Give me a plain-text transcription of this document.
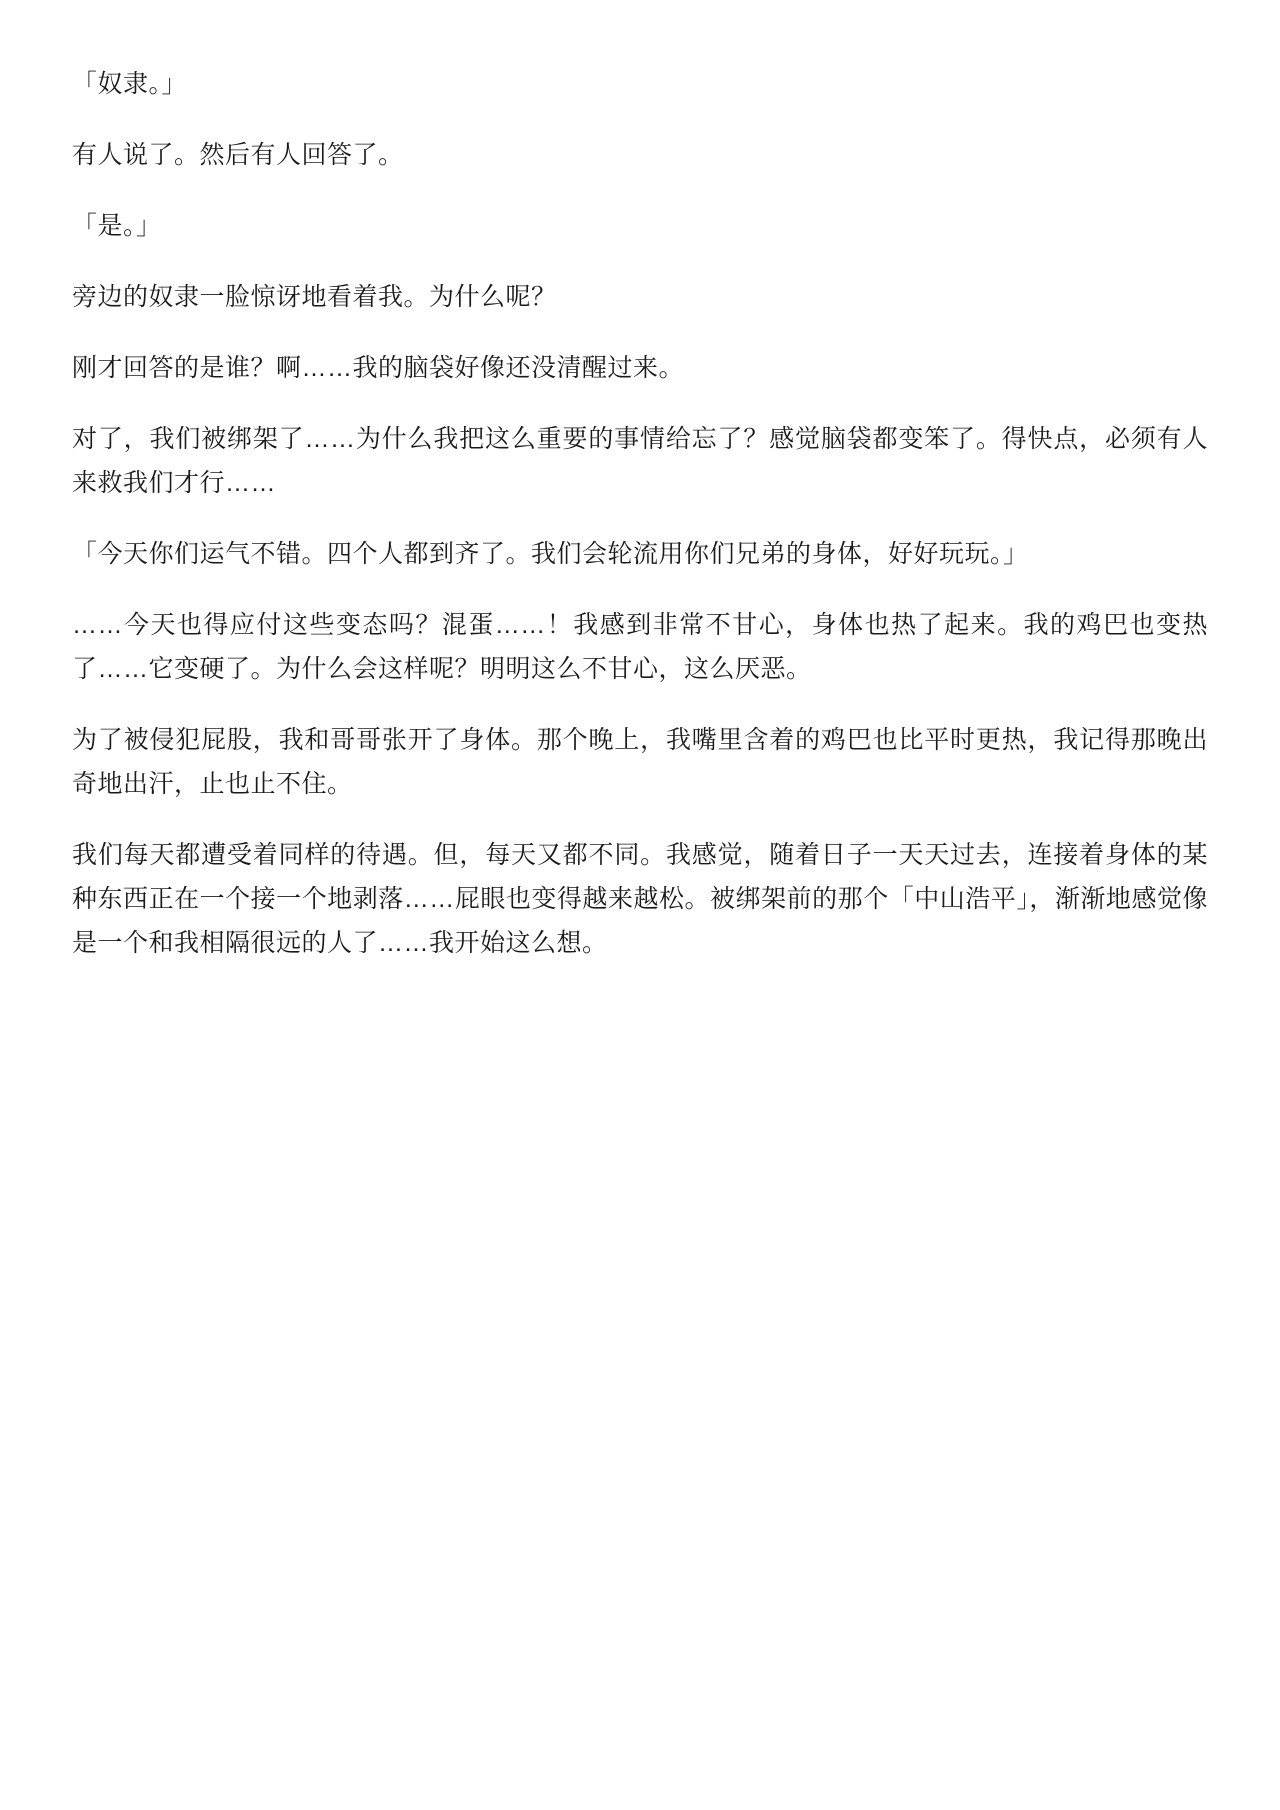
「奴隶。」

有人说了。然后有人回答了。

「是。」

旁边的奴隶一脸惊讶地看着我。为什么呢？

刚才回答的是谁？啊……我的脑袋好像还没清醒过来。

对了，我们被绑架了……为什么我把这么重要的事情给忘了？感觉脑袋都变笨了。得快点，必须有人来救我们才行……

「今天你们运气不错。四个人都到齐了。我们会轮流用你们兄弟的身体，好好玩玩。」

……今天也得应付这些变态吗？混蛋……！我感到非常不甘心，身体也热了起来。我的鸡巴也变热了……它变硬了。为什么会这样呢？明明这么不甘心，这么厌恶。

为了被侵犯屁股，我和哥哥张开了身体。那个晚上，我嘴里含着的鸡巴也比平时更热，我记得那晚出奇地出汗，止也止不住。

我们每天都遭受着同样的待遇。但，每天又都不同。我感觉，随着日子一天天过去，连接着身体的某种东西正在一个接一个地剥落……屁眼也变得越来越松。被绑架前的那个「中山浩平」，渐渐地感觉像是一个和我相隔很远的人了……我开始这么想。
